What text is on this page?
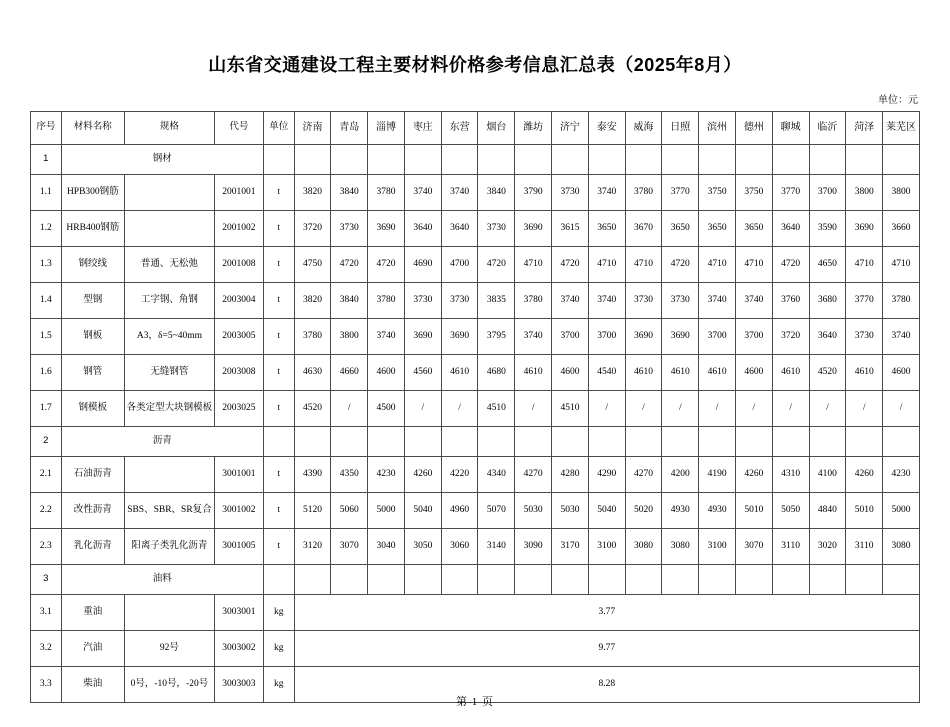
山东省交通建设工程主要材料价格参考信息汇总表（2025年8月）
单位：元
序号	材料名称	规格	代号	单位	济南	青岛	淄博	枣庄	东营	烟台	潍坊	济宁	泰安	威海	日照	滨州	德州	聊城	临沂	菏泽	莱芜区
1	钢材																				
1.1	HPB300钢筋		2001001	t	3820	3840	3780	3740	3740	3840	3790	3730	3740	3780	3770	3750	3750	3770	3700	3800	3800
1.2	HRB400钢筋		2001002	t	3720	3730	3690	3640	3640	3730	3690	3615	3650	3670	3650	3650	3650	3640	3590	3690	3660
1.3	钢绞线	普通、无松弛	2001008	t	4750	4720	4720	4690	4700	4720	4710	4720	4710	4710	4720	4710	4710	4720	4650	4710	4710
1.4	型钢	工字钢、角钢	2003004	t	3820	3840	3780	3730	3730	3835	3780	3740	3740	3730	3730	3740	3740	3760	3680	3770	3780
1.5	钢板	A3，δ=5~40mm	2003005	t	3780	3800	3740	3690	3690	3795	3740	3700	3700	3690	3690	3700	3700	3720	3640	3730	3740
1.6	钢管	无缝钢管	2003008	t	4630	4660	4600	4560	4610	4680	4610	4600	4540	4610	4610	4610	4600	4610	4520	4610	4600
1.7	钢模板	各类定型大块钢模板	2003025	t	4520	/	4500	/	/	4510	/	4510	/	/	/	/	/	/	/	/	/
2	沥青																				
2.1	石油沥青		3001001	t	4390	4350	4230	4260	4220	4340	4270	4280	4290	4270	4200	4190	4260	4310	4100	4260	4230
2.2	改性沥青	SBS、SBR、SR复合	3001002	t	5120	5060	5000	5040	4960	5070	5030	5030	5040	5020	4930	4930	5010	5050	4840	5010	5000
2.3	乳化沥青	阳离子类乳化沥青	3001005	t	3120	3070	3040	3050	3060	3140	3090	3170	3100	3080	3080	3100	3070	3110	3020	3110	3080
3	油料																				
3.1	重油		3003001	kg	3.77																
3.2	汽油	92号	3003002	kg	9.77																
3.3	柴油	0号，-10号，-20号	3003003	kg	8.28																
第 1 页
